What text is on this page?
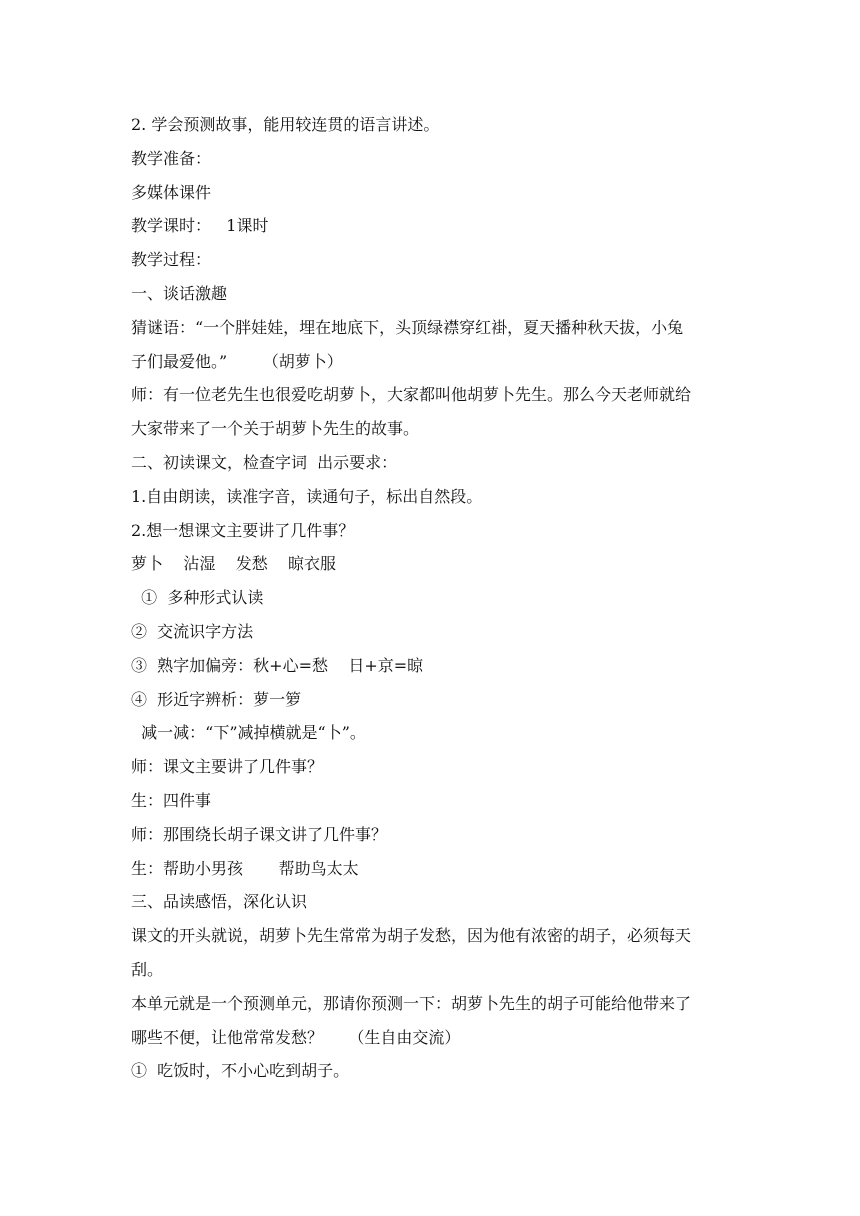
2. 学会预测故事，能用较连贯的语言讲述。
教学准备：
多媒体课件
教学课时：   1课时
教学过程：
一、谈话激趣
猜谜语：“一个胖娃娃，埋在地底下，头顶绿襟穿红褂，夏天播种秋天拔，小兔
子们最爱他。”       （胡萝卜）
师：有一位老先生也很爱吃胡萝卜，大家都叫他胡萝卜先生。那么今天老师就给
大家带来了一个关于胡萝卜先生的故事。
二、初读课文，检查字词  出示要求：
1.自由朗读，读准字音，读通句子，标出自然段。
2.想一想课文主要讲了几件事？
萝卜    沾湿    发愁    晾衣服
①  多种形式认读
②  交流识字方法
③  熟字加偏旁：秋+心=愁    日+京=晾
④  形近字辨析：萝一箩
减一减：“下”减掉横就是“卜”。
师：课文主要讲了几件事？
生：四件事
师：那围绕长胡子课文讲了几件事？
生：帮助小男孩       帮助鸟太太
三、品读感悟，深化认识
课文的开头就说，胡萝卜先生常常为胡子发愁，因为他有浓密的胡子，必须每天
刮。
本单元就是一个预测单元，那请你预测一下：胡萝卜先生的胡子可能给他带来了
哪些不便，让他常常发愁？     （生自由交流）
①  吃饭时，不小心吃到胡子。
